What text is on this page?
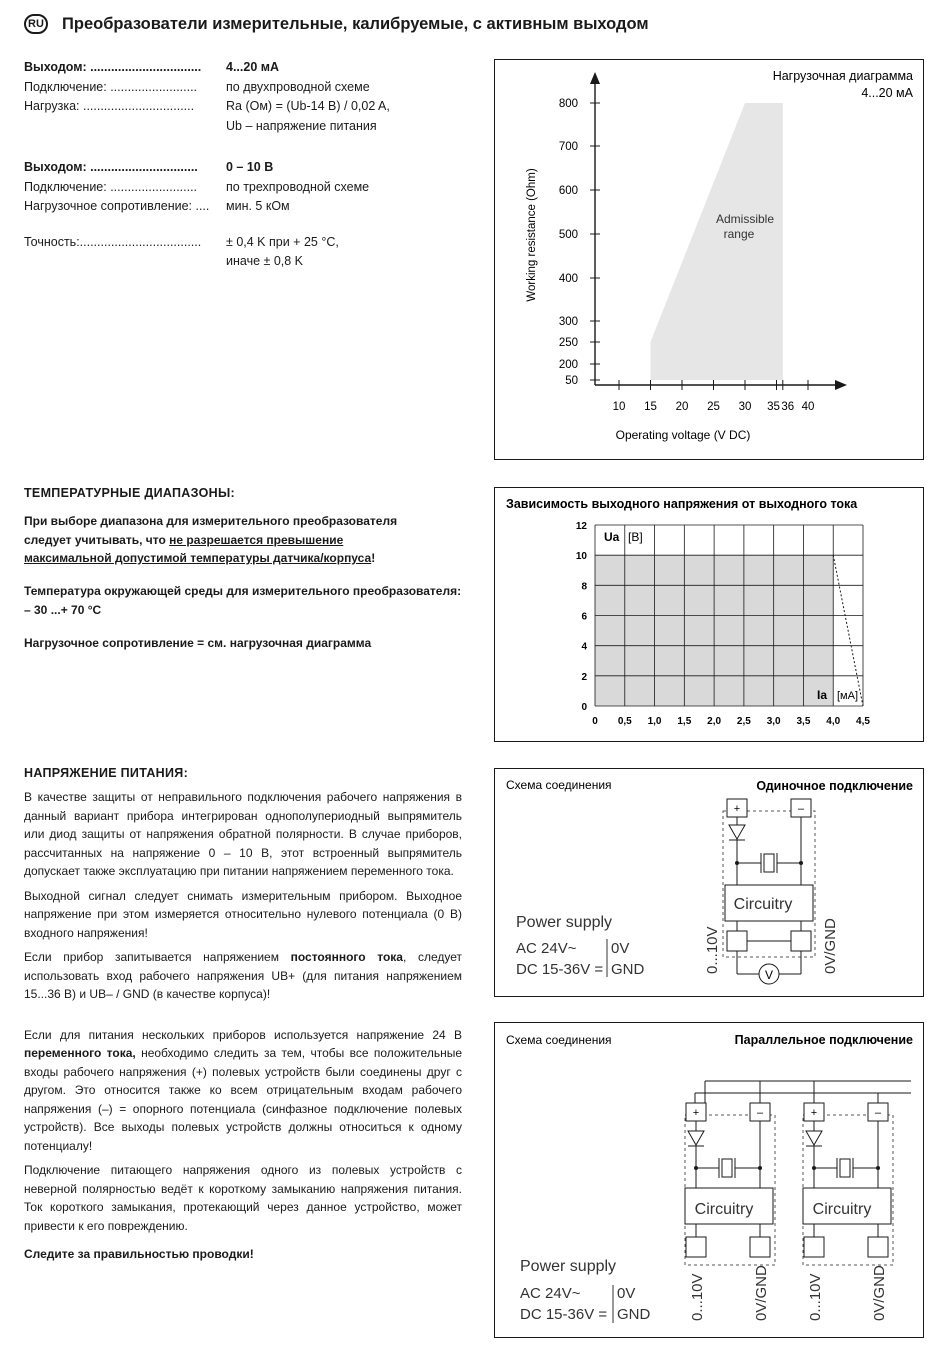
RU Преобразователи измерительные, калибруемые, с активным выходом
Выходом: ................................	4...20 мА
Подключение: .........................	по двухпроводной схеме
Нагрузка: ................................	Ra (Ом) = (Ub-14 В) / 0,02 A,
Ub – напряжение питания
Выходом: ...............................	0 – 10 В
Подключение: .........................	по трехпроводной схеме
Нагрузочное сопротивление: ....	мин. 5 кОм
Точность:...................................	± 0,4 K при + 25 °C,
иначе ± 0,8 K
Нагрузочная диаграмма
4...20 мА
Admissible
range
50
200
250
300
400
500
600
700
800
10 15 20 25 30 35 36 40
Working resistance (Ohm)
Operating voltage (V DC)
ТЕМПЕРАТУРНЫЕ ДИАПАЗОНЫ:
При выборе диапазона для измерительного преобразователя
следует учитывать, что не разрешается превышение
максимальной допустимой температуры датчика/корпуса!
Температура окружающей среды для измерительного преобразователя:
– 30 ...+ 70 °C
Нагрузочное сопротивление = см. нагрузочная диаграмма
Зависимость выходного напряжения от выходного тока
0
2
4
6
8
10
12
0 0,5 1,0 1,5 2,0 2,5 3,0 3,5 4,0 4,5
Ua [В]
Ia [мА]
НАПРЯЖЕНИЕ ПИТАНИЯ:
В качестве защиты от неправильного подключения рабочего напряжения в данный вариант прибора интегрирован однополупериодный выпрямитель или диод защиты от напряжения обратной полярности. В случае приборов, рассчитанных на напряжение 0 – 10 В, этот встроенный выпрямитель допускает также эксплуатацию при питании напряжением переменного тока.
Выходной сигнал следует снимать измерительным прибором. Выходное напряжение при этом измеряется относительно нулевого потенциала (0 В) входного напряжения!
Если прибор запитывается напряжением постоянного тока, следует использовать вход рабочего напряжения UB+ (для питания напряжением 15...36 В) и UB– / GND (в качестве корпуса)!
Если для питания нескольких приборов используется напряжение 24 В переменного тока, необходимо следить за тем, чтобы все положительные входы рабочего напряжения (+) полевых устройств были соединены друг с другом. Это относится также ко всем отрицательным входам рабочего напряжения (–) = опорного потенциала (синфазное подключение полевых устройств). Все выходы полевых устройств должны относиться к одному потенциалу!
Подключение питающего напряжения одного из полевых устройств с неверной полярностью ведёт к короткому замыканию напряжения питания. Ток короткого замыкания, протекающий через данное устройство, может привести к его повреждению.
Следите за правильностью проводки!
Схема соединения	Одиночное подключение
+	–
Circuitry
V
0...10V	0V/GND
Power supply
AC 24V~
DC 15-36V =
0V
GND
Схема соединения	Параллельное подключение
+	–
Circuitry
0...10V	0V/GND
+	–
Circuitry
0...10V	0V/GND
Power supply
AC 24V~
DC 15-36V =
0V
GND
